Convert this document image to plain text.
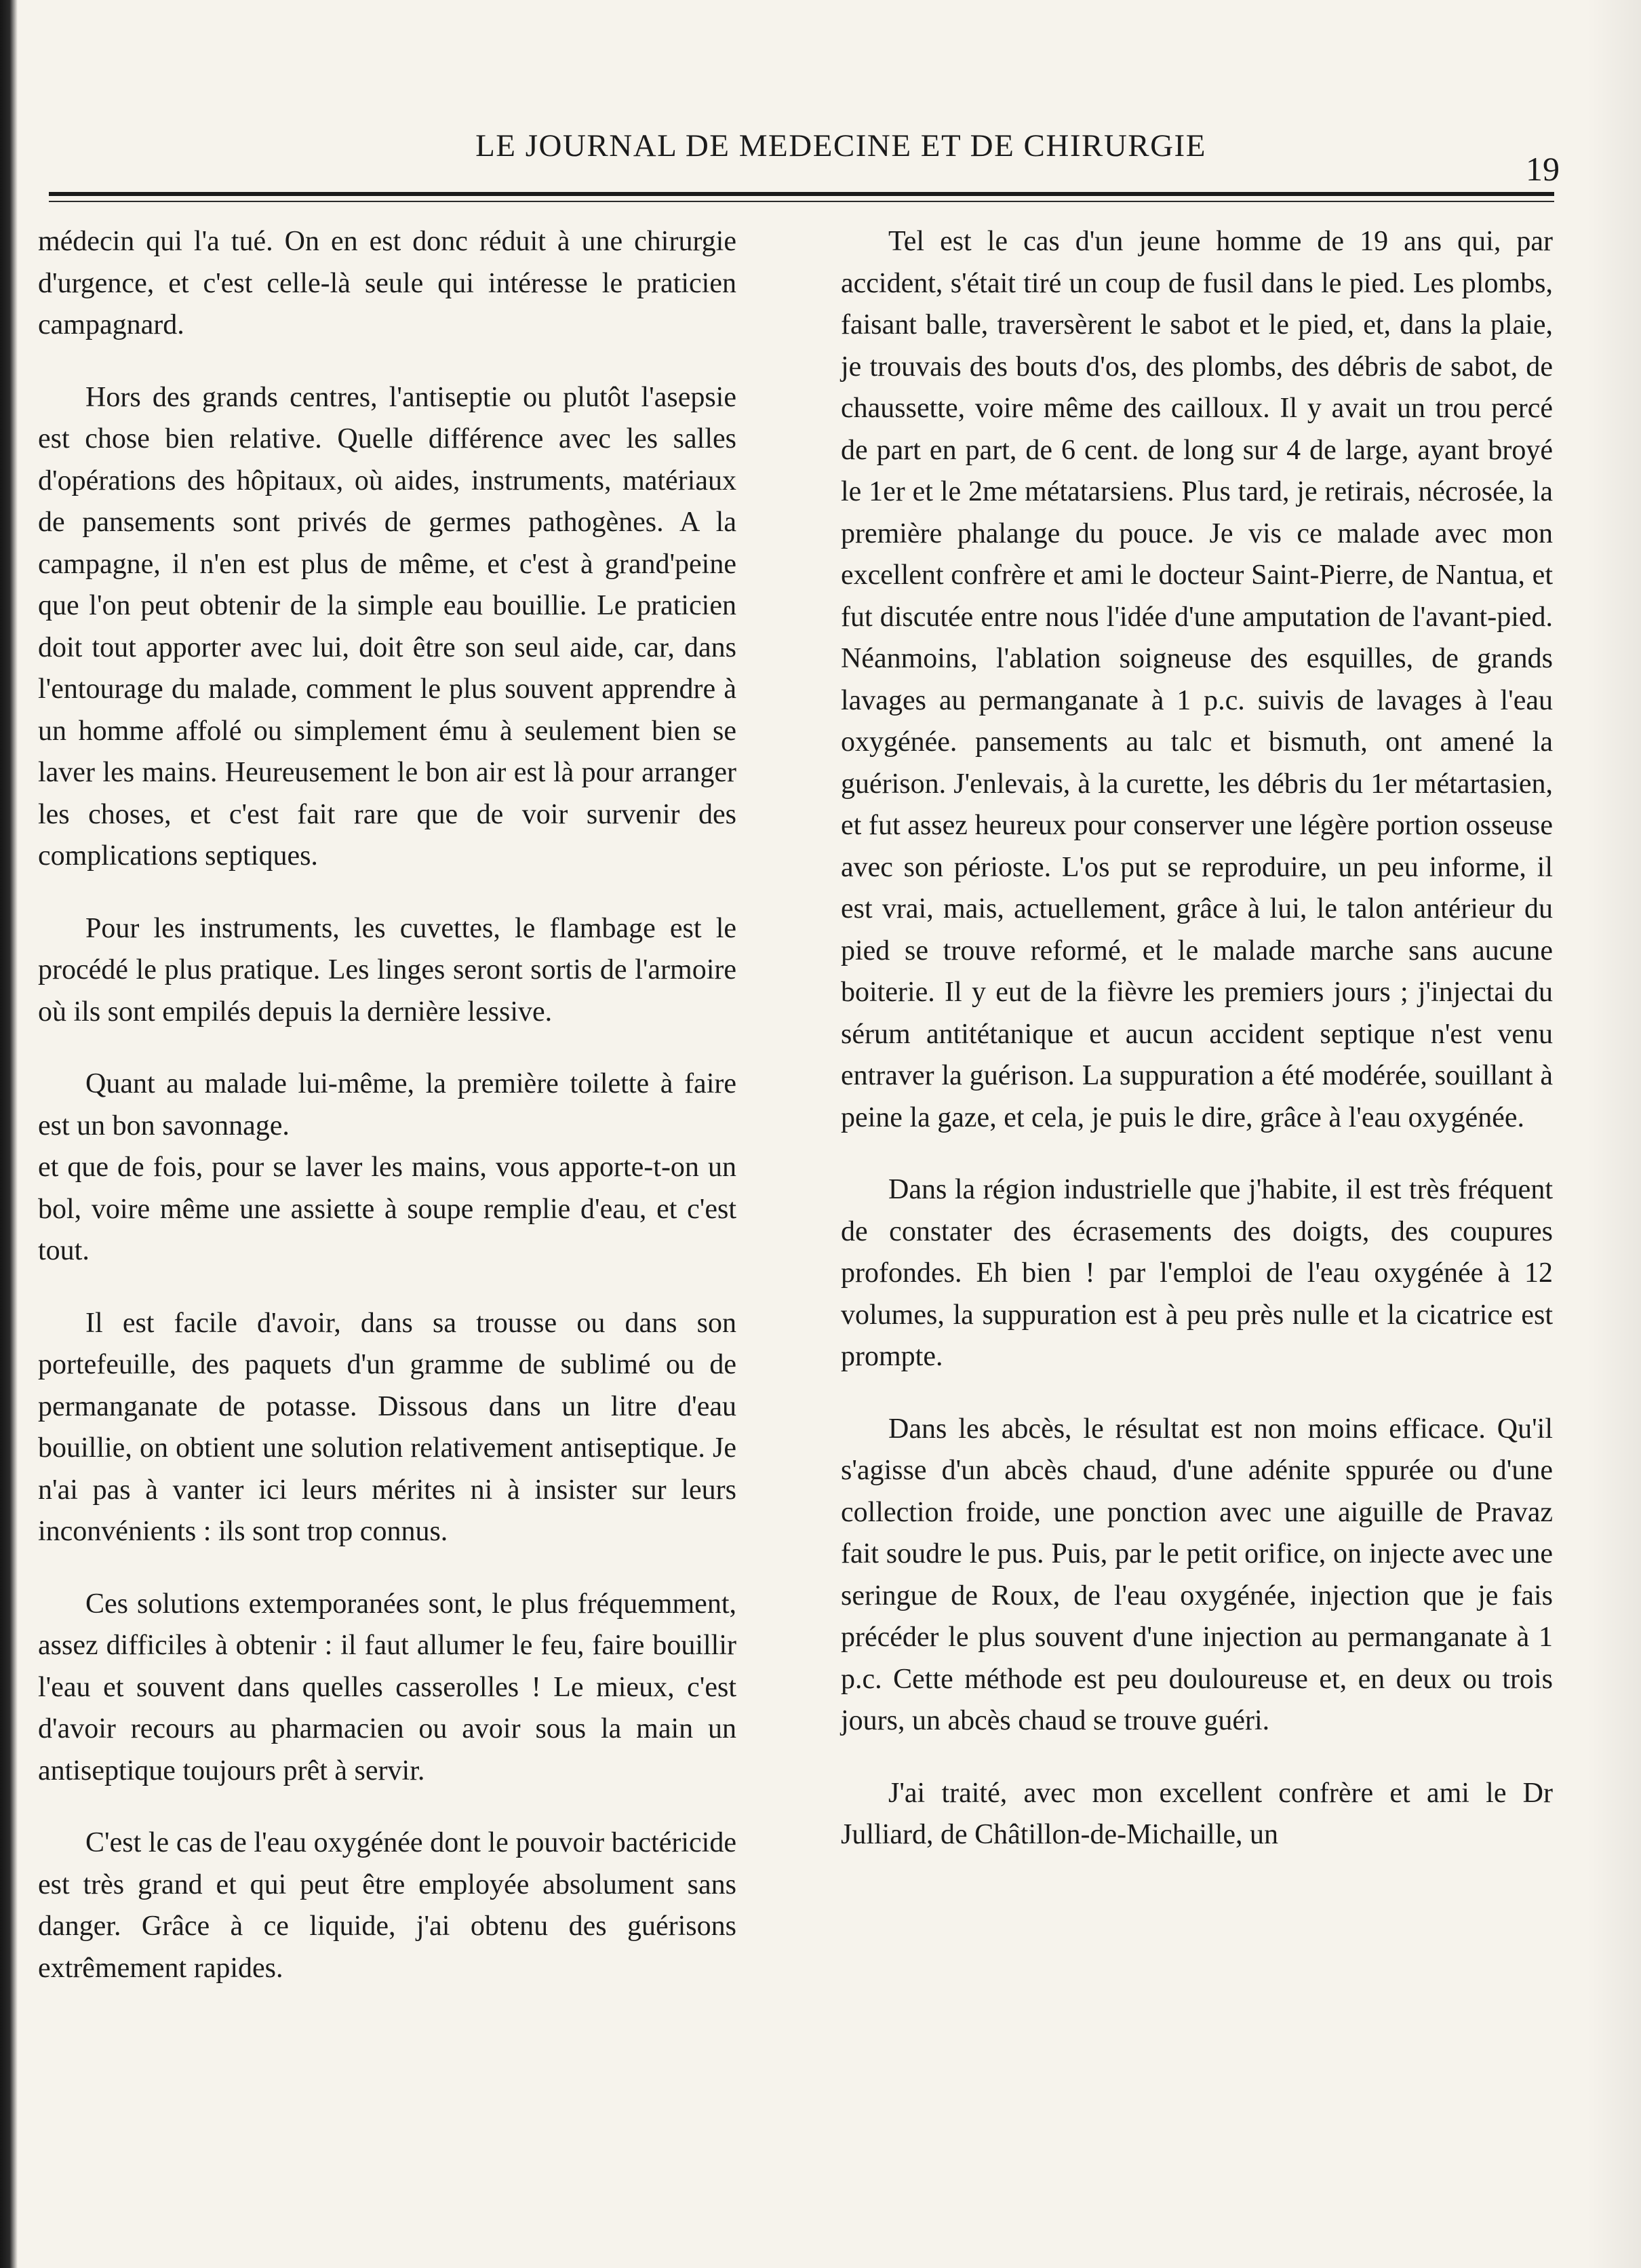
LE JOURNAL DE MEDECINE ET DE CHIRURGIE
19

médecin qui l'a tué. On en est donc réduit à une chirurgie d'urgence, et c'est celle-là seule qui intéresse le praticien campagnard.

Hors des grands centres, l'antiseptie ou plutôt l'asepsie est chose bien relative. Quelle différence avec les salles d'opérations des hôpitaux, où aides, instruments, matériaux de pansements sont privés de germes pathogènes. A la campagne, il n'en est plus de même, et c'est à grand'peine que l'on peut obtenir de la simple eau bouillie. Le praticien doit tout apporter avec lui, doit être son seul aide, car, dans l'entourage du malade, comment le plus souvent apprendre à un homme affolé ou simplement ému à seulement bien se laver les mains. Heureusement le bon air est là pour arranger les choses, et c'est fait rare que de voir survenir des complications septiques.

Pour les instruments, les cuvettes, le flambage est le procédé le plus pratique. Les linges seront sortis de l'armoire où ils sont empilés depuis la dernière lessive.

Quant au malade lui-même, la première toilette à faire est un bon savonnage.

et que de fois, pour se laver les mains, vous apporte-t-on un bol, voire même une assiette à soupe remplie d'eau, et c'est tout.

Il est facile d'avoir, dans sa trousse ou dans son portefeuille, des paquets d'un gramme de sublimé ou de permanganate de potasse. Dissous dans un litre d'eau bouillie, on obtient une solution relativement antiseptique. Je n'ai pas à vanter ici leurs mérites ni à insister sur leurs inconvénients : ils sont trop connus.

Ces solutions extemporanées sont, le plus fréquemment, assez difficiles à obtenir : il faut allumer le feu, faire bouillir l'eau et souvent dans quelles casserolles ! Le mieux, c'est d'avoir recours au pharmacien ou avoir sous la main un antiseptique toujours prêt à servir.

C'est le cas de l'eau oxygénée dont le pouvoir bactéricide est très grand et qui peut être employée absolument sans danger. Grâce à ce liquide, j'ai obtenu des guérisons extrêmement rapides.

Tel est le cas d'un jeune homme de 19 ans qui, par accident, s'était tiré un coup de fusil dans le pied. Les plombs, faisant balle, traversèrent le sabot et le pied, et, dans la plaie, je trouvais des bouts d'os, des plombs, des débris de sabot, de chaussette, voire même des cailloux. Il y avait un trou percé de part en part, de 6 cent. de long sur 4 de large, ayant broyé le 1er et le 2me métatarsiens. Plus tard, je retirais, nécrosée, la première phalange du pouce. Je vis ce malade avec mon excellent confrère et ami le docteur Saint-Pierre, de Nantua, et fut discutée entre nous l'idée d'une amputation de l'avant-pied. Néanmoins, l'ablation soigneuse des esquilles, de grands lavages au permanganate à 1 p.c. suivis de lavages à l'eau oxygénée. pansements au talc et bismuth, ont amené la guérison. J'enlevais, à la curette, les débris du 1er métartasien, et fut assez heureux pour conserver une légère portion osseuse avec son périoste. L'os put se reproduire, un peu informe, il est vrai, mais, actuellement, grâce à lui, le talon antérieur du pied se trouve reformé, et le malade marche sans aucune boiterie. Il y eut de la fièvre les premiers jours ; j'injectai du sérum antitétanique et aucun accident septique n'est venu entraver la guérison. La suppuration a été modérée, souillant à peine la gaze, et cela, je puis le dire, grâce à l'eau oxygénée.

Dans la région industrielle que j'habite, il est très fréquent de constater des écrasements des doigts, des coupures profondes. Eh bien ! par l'emploi de l'eau oxygénée à 12 volumes, la suppuration est à peu près nulle et la cicatrice est prompte.

Dans les abcès, le résultat est non moins efficace. Qu'il s'agisse d'un abcès chaud, d'une adénite sppurée ou d'une collection froide, une ponction avec une aiguille de Pravaz fait soudre le pus. Puis, par le petit orifice, on injecte avec une seringue de Roux, de l'eau oxygénée, injection que je fais précéder le plus souvent d'une injection au permanganate à 1 p.c. Cette méthode est peu douloureuse et, en deux ou trois jours, un abcès chaud se trouve guéri.

J'ai traité, avec mon excellent confrère et ami le Dr Julliard, de Châtillon-de-Michaille, un
